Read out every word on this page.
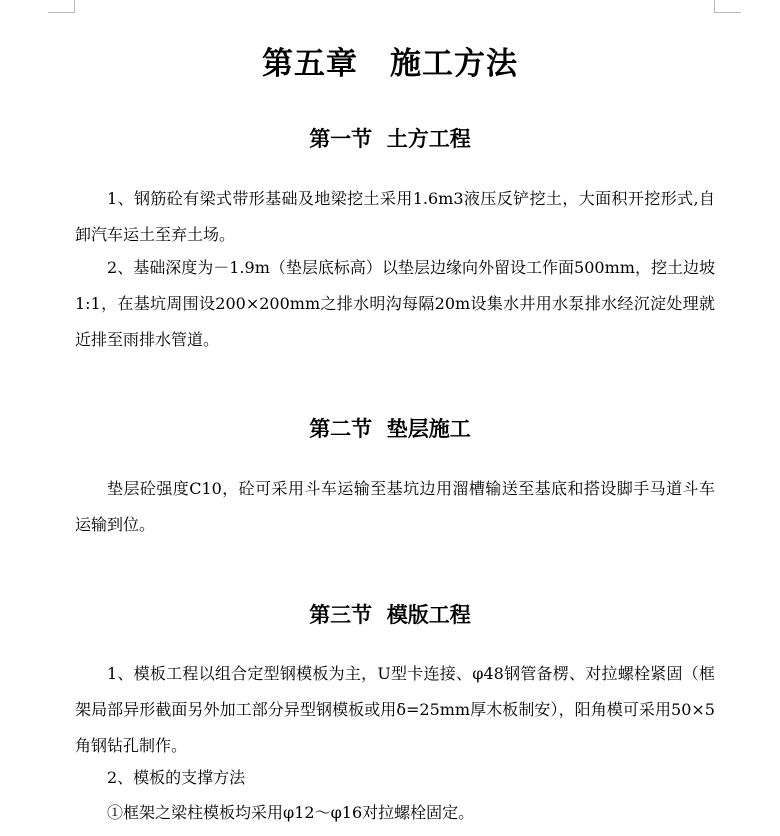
第五章　施工方法
第一节  土方工程

1、钢筋砼有梁式带形基础及地梁挖土采用1.6m3液压反铲挖土，大面积开挖形式,自卸汽车运土至弃土场。

2、基础深度为－1.9m（垫层底标高）以垫层边缘向外留设工作面500mm，挖土边坡1:1，在基坑周围设200×200mm之排水明沟每隔20m设集水井用水泵排水经沉淀处理就近排至雨排水管道。

第二节  垫层施工

垫层砼强度C10，砼可采用斗车运输至基坑边用溜槽输送至基底和搭设脚手马道斗车运输到位。

第三节  模版工程

1、模板工程以组合定型钢模板为主，U型卡连接、φ48钢管备楞、对拉螺栓紧固（框架局部异形截面另外加工部分异型钢模板或用δ=25mm厚木板制安），阳角模可采用50×5角钢钻孔制作。

2、模板的支撑方法

①框架之梁柱模板均采用φ12～φ16对拉螺栓固定。
